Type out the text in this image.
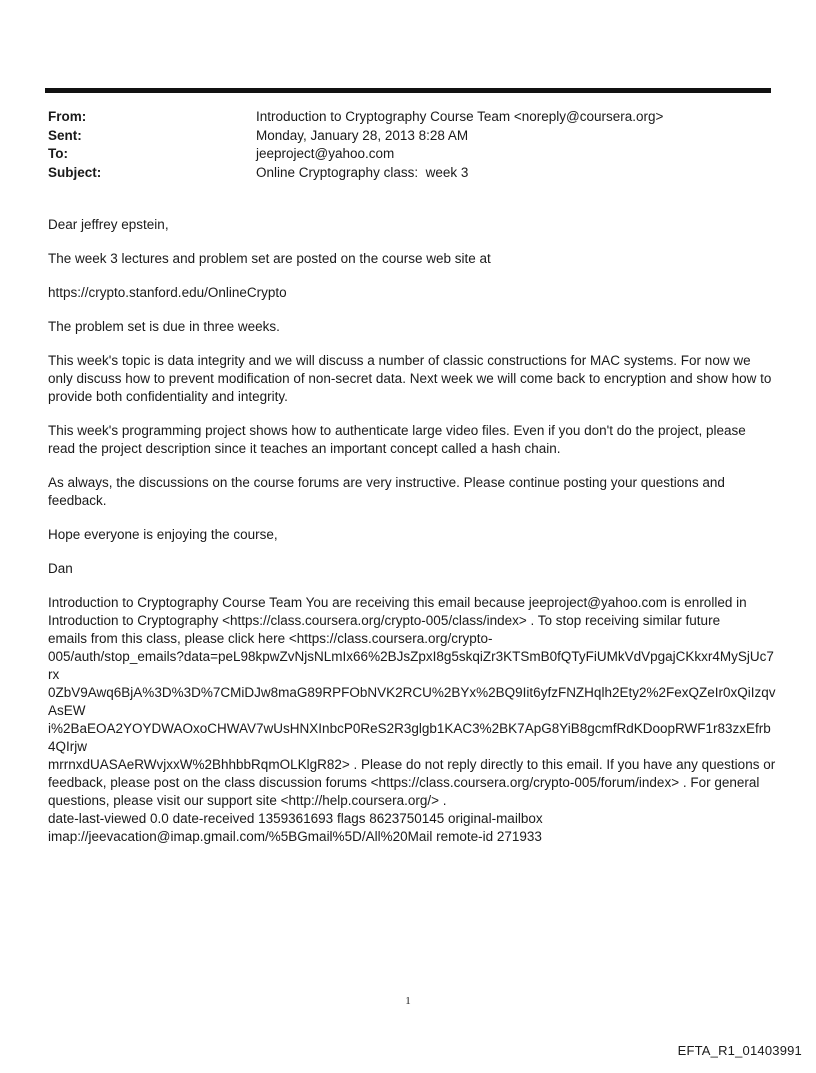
From:	Introduction to Cryptography Course Team <noreply@coursera.org>
Sent:	Monday, January 28, 2013 8:28 AM
To:	jeeproject@yahoo.com
Subject:	Online Cryptography class:  week 3

Dear jeffrey epstein,

The week 3 lectures and problem set are posted on the course web site at

https://crypto.stanford.edu/OnlineCrypto

The problem set is due in three weeks.

This week's topic is data integrity and we will discuss a number of classic constructions for MAC systems. For now we only discuss how to prevent modification of non-secret data. Next week we will come back to encryption and show how to provide both confidentiality and integrity.

This week's programming project shows how to authenticate large video files. Even if you don't do the project, please read the project description since it teaches an important concept called a hash chain.

As always, the discussions on the course forums are very instructive. Please continue posting your questions and feedback.

Hope everyone is enjoying the course,

Dan

Introduction to Cryptography Course Team You are receiving this email because jeeproject@yahoo.com is enrolled in
Introduction to Cryptography <https://class.coursera.org/crypto-005/class/index> . To stop receiving similar future
emails from this class, please click here <https://class.coursera.org/crypto-
005/auth/stop_emails?data=peL98kpwZvNjsNLmIx66%2BJsZpxI8g5skqiZr3KTSmB0fQTyFiUMkVdVpgajCKkxr4MySjUc7rx
0ZbV9Awq6BjA%3D%3D%7CMiDJw8maG89RPFObNVK2RCU%2BYx%2BQ9Iit6yfzFNZHqlh2Ety2%2FexQZeIr0xQiIzqvAsEW
i%2BaEOA2YOYDWAOxoCHWAV7wUsHNXInbcP0ReS2R3glgb1KAC3%2BK7ApG8YiB8gcmfRdKDoopRWF1r83zxEfrb4QIrjw
mrrnxdUASAeRWvjxxW%2BhhbbRqmOLKlgR82> . Please do not reply directly to this email. If you have any questions or
feedback, please post on the class discussion forums <https://class.coursera.org/crypto-005/forum/index> . For general
questions, please visit our support site <http://help.coursera.org/> .
date-last-viewed 0.0 date-received 1359361693 flags 8623750145 original-mailbox
imap://jeevacation@imap.gmail.com/%5BGmail%5D/All%20Mail remote-id 271933
1
EFTA_R1_01403991
